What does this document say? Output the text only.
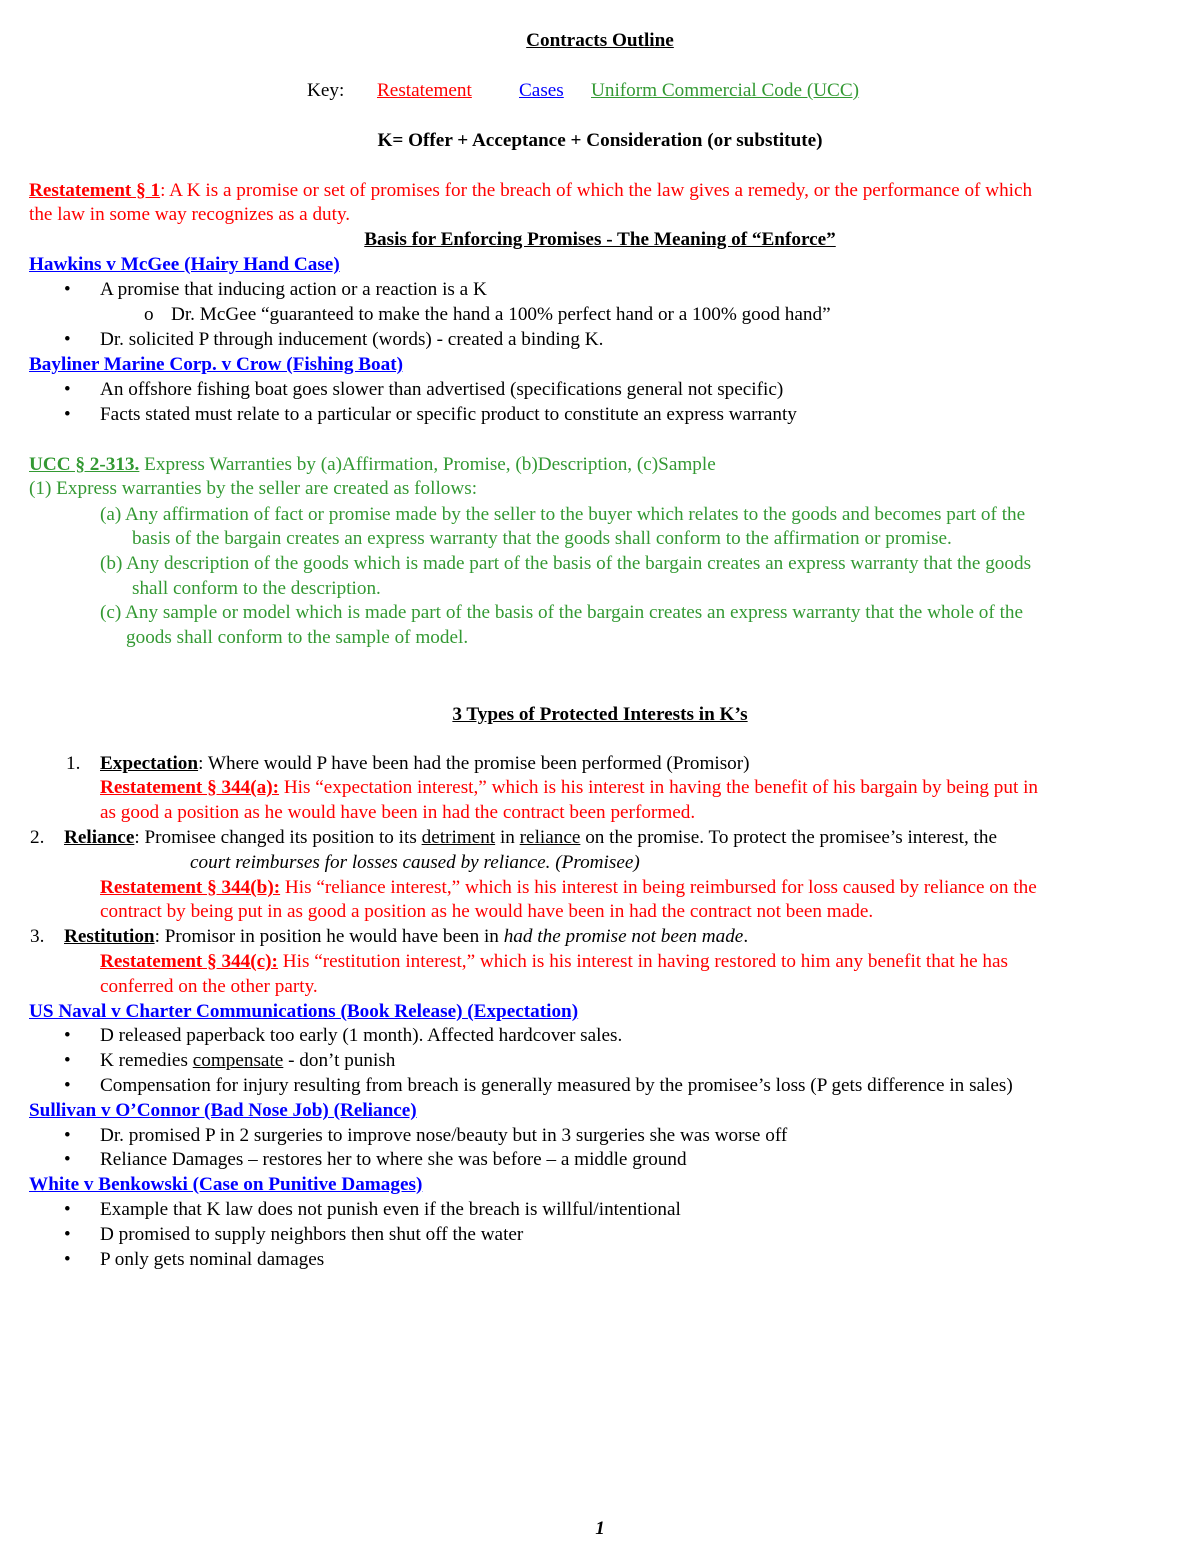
Contracts Outline
Key: Restatement Cases Uniform Commercial Code (UCC)
K= Offer + Acceptance + Consideration (or substitute)
Restatement § 1: A K is a promise or set of promises for the breach of which the law gives a remedy, or the performance of which
the law in some way recognizes as a duty.
Basis for Enforcing Promises - The Meaning of “Enforce”
Hawkins v McGee (Hairy Hand Case)
• A promise that inducing action or a reaction is a K
o Dr. McGee “guaranteed to make the hand a 100% perfect hand or a 100% good hand”
• Dr. solicited P through inducement (words) - created a binding K.
Bayliner Marine Corp. v Crow (Fishing Boat)
• An offshore fishing boat goes slower than advertised (specifications general not specific)
• Facts stated must relate to a particular or specific product to constitute an express warranty
UCC § 2-313. Express Warranties by (a)Affirmation, Promise, (b)Description, (c)Sample
(1) Express warranties by the seller are created as follows:
(a) Any affirmation of fact or promise made by the seller to the buyer which relates to the goods and becomes part of the
basis of the bargain creates an express warranty that the goods shall conform to the affirmation or promise.
(b) Any description of the goods which is made part of the basis of the bargain creates an express warranty that the goods
shall conform to the description.
(c) Any sample or model which is made part of the basis of the bargain creates an express warranty that the whole of the
goods shall conform to the sample of model.
3 Types of Protected Interests in K’s
1. Expectation: Where would P have been had the promise been performed (Promisor)
Restatement § 344(a): His “expectation interest,” which is his interest in having the benefit of his bargain by being put in
as good a position as he would have been in had the contract been performed.
2. Reliance: Promisee changed its position to its detriment in reliance on the promise. To protect the promisee’s interest, the
court reimburses for losses caused by reliance. (Promisee)
Restatement § 344(b): His “reliance interest,” which is his interest in being reimbursed for loss caused by reliance on the
contract by being put in as good a position as he would have been in had the contract not been made.
3. Restitution: Promisor in position he would have been in had the promise not been made.
Restatement § 344(c): His “restitution interest,” which is his interest in having restored to him any benefit that he has
conferred on the other party.
US Naval v Charter Communications (Book Release) (Expectation)
• D released paperback too early (1 month). Affected hardcover sales.
• K remedies compensate - don’t punish
• Compensation for injury resulting from breach is generally measured by the promisee’s loss (P gets difference in sales)
Sullivan v O’Connor (Bad Nose Job) (Reliance)
• Dr. promised P in 2 surgeries to improve nose/beauty but in 3 surgeries she was worse off
• Reliance Damages – restores her to where she was before – a middle ground
White v Benkowski (Case on Punitive Damages)
• Example that K law does not punish even if the breach is willful/intentional
• D promised to supply neighbors then shut off the water
• P only gets nominal damages
1
